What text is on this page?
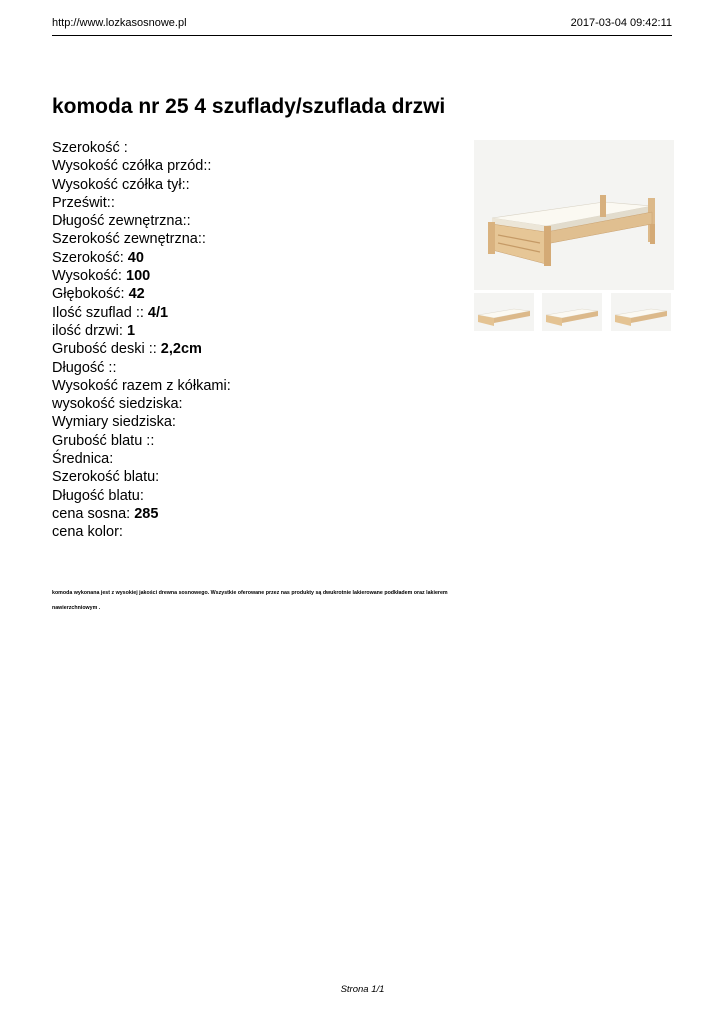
http://www.lozkasosnowe.pl	2017-03-04 09:42:11
komoda nr 25 4 szuflady/szuflada drzwi
Szerokość :
Wysokość czółka przód::
Wysokość czółka tył::
Prześwit::
Długość zewnętrzna::
Szerokość zewnętrzna::
Szerokość: 40
Wysokość: 100
Głębokość: 42
Ilość szuflad :: 4/1
ilość drzwi: 1
Grubość deski :: 2,2cm
Długość ::
Wysokość razem z kółkami:
wysokość siedziska:
Wymiary siedziska:
Grubość blatu ::
Średnica:
Szerokość blatu:
Długość blatu:
cena sosna: 285
cena kolor:
komoda wykonana jest z wysokiej jakości drewna sosnowego. Wszystkie oferowane przez nas produkty są dwukrotnie lakierowane podkładem oraz lakierem
nawierzchniowym .
Strona 1/1
